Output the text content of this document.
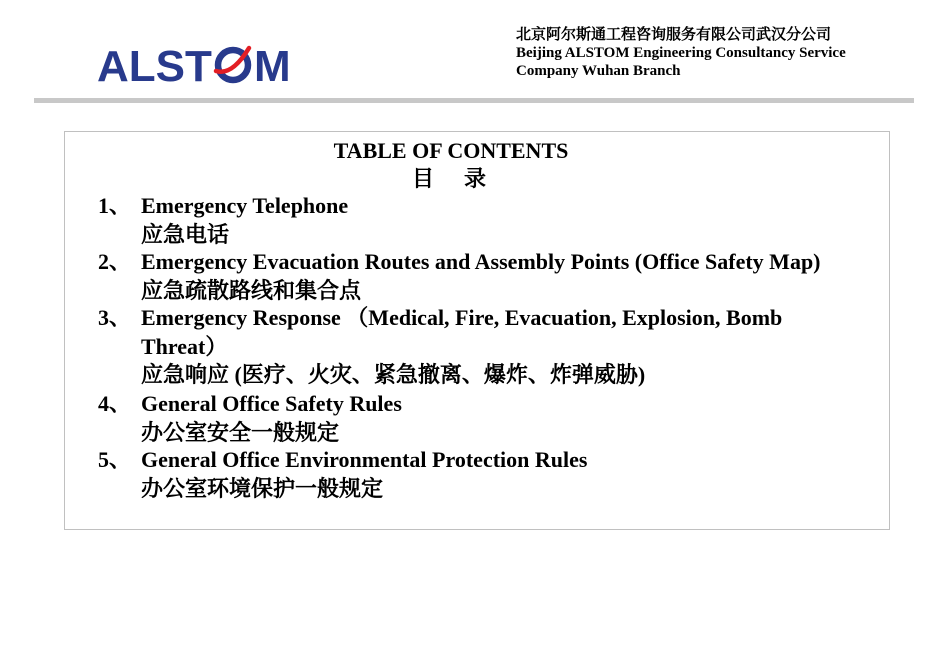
ALST M
北京阿尔斯通工程咨询服务有限公司武汉分公司
Beijing ALSTOM Engineering Consultancy Service
Company Wuhan Branch
TABLE OF CONTENTS
目　录
1、 Emergency Telephone
应急电话
2、 Emergency Evacuation Routes and Assembly Points (Office Safety Map)
应急疏散路线和集合点
3、 Emergency Response （Medical, Fire, Evacuation, Explosion, Bomb
Threat）
应急响应 (医疗、火灾、紧急撤离、爆炸、炸弹威胁)
4、 General Office Safety Rules
办公室安全一般规定
5、 General Office Environmental Protection Rules
办公室环境保护一般规定
